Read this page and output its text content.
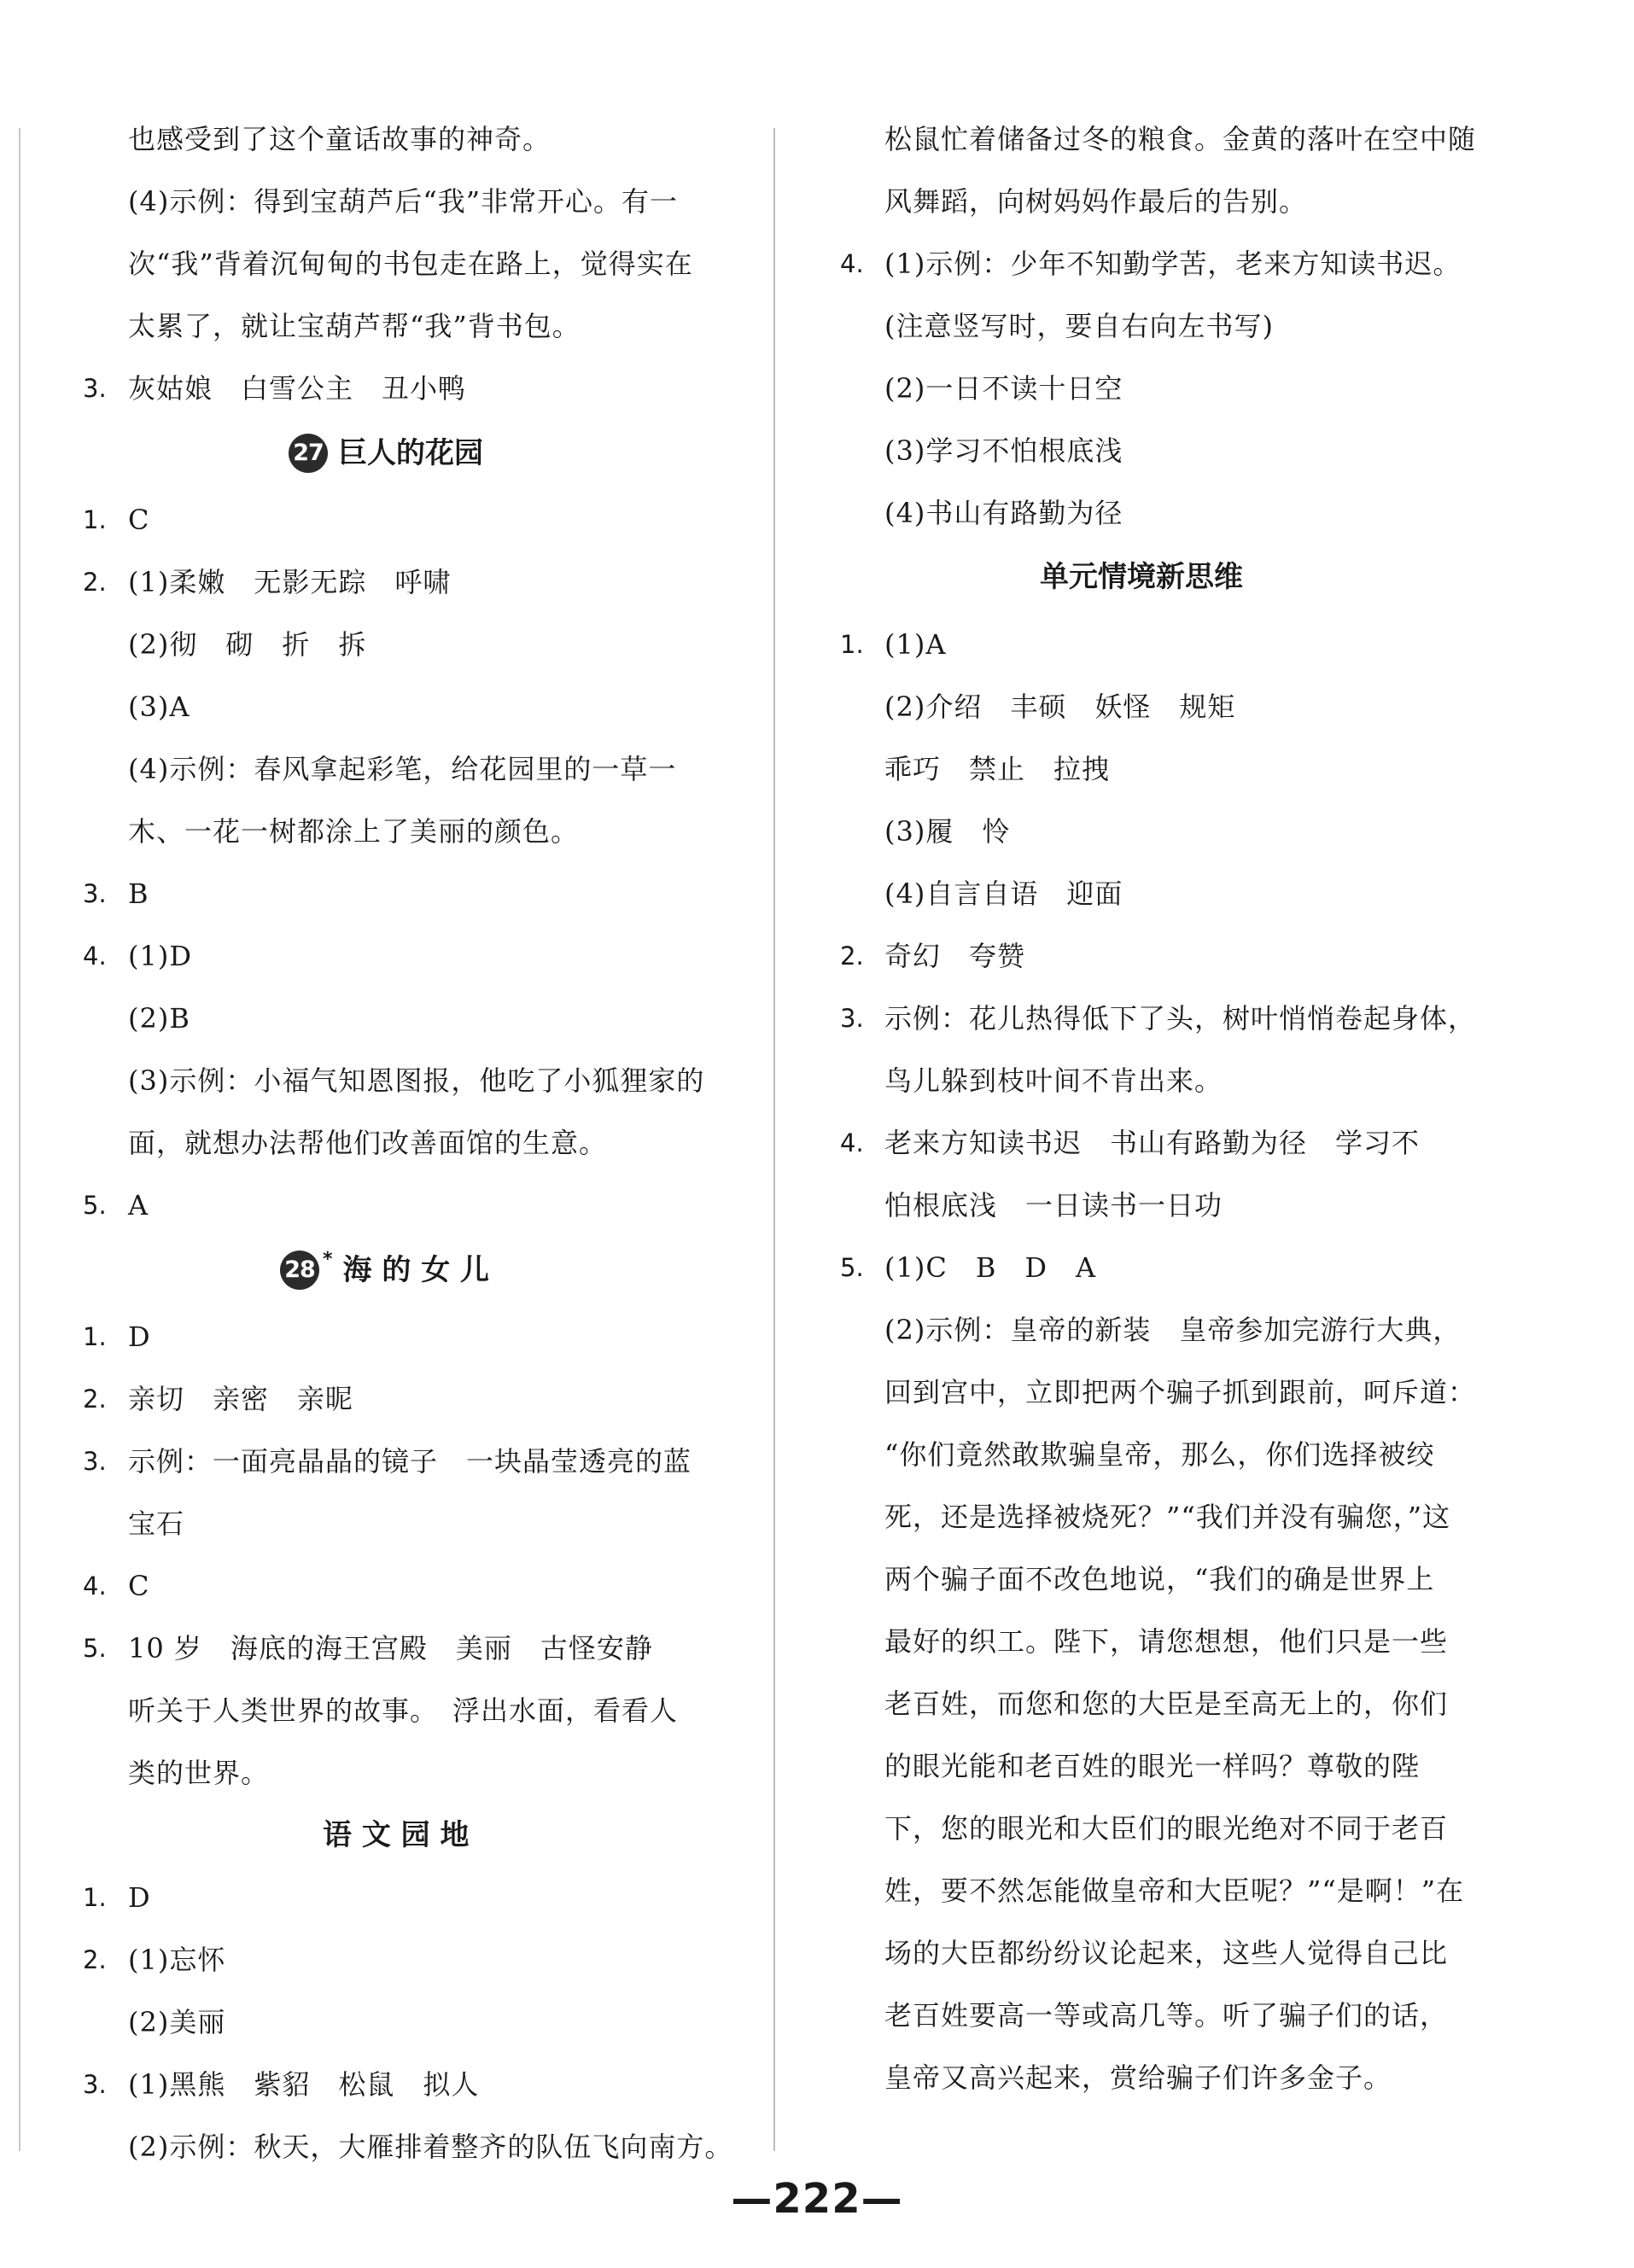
也感受到了这个童话故事的神奇。
(4)示例：得到宝葫芦后“我”非常开心。有一
次“我”背着沉甸甸的书包走在路上，觉得实在
太累了，就让宝葫芦帮“我”背书包。
3. 灰姑娘　白雪公主　丑小鸭
27 巨人的花园
1. C
2. (1)柔嫩　无影无踪　呼啸
(2)彻　砌　折　拆
(3)A
(4)示例：春风拿起彩笔，给花园里的一草一
木、一花一树都涂上了美丽的颜色。
3. B
4. (1)D
(2)B
(3)示例：小福气知恩图报，他吃了小狐狸家的
面，就想办法帮他们改善面馆的生意。
5. A
28 * 海 的 女 儿
1. D
2. 亲切　亲密　亲昵
3. 示例：一面亮晶晶的镜子　一块晶莹透亮的蓝
宝石
4. C
5. 10 岁　海底的海王宫殿　美丽　古怪安静
听关于人类世界的故事。　浮出水面，看看人
类的世界。
语 文 园 地
1. D
2. (1)忘怀
(2)美丽
3. (1)黑熊　紫貂　松鼠　拟人
(2)示例：秋天，大雁排着整齐的队伍飞向南方。
松鼠忙着储备过冬的粮食。金黄的落叶在空中随
风舞蹈，向树妈妈作最后的告别。
4. (1)示例：少年不知勤学苦，老来方知读书迟。
(注意竖写时，要自右向左书写)
(2)一日不读十日空
(3)学习不怕根底浅
(4)书山有路勤为径
单元情境新思维
1. (1)A
(2)介绍　丰硕　妖怪　规矩
乖巧　禁止　拉拽
(3)履　怜
(4)自言自语　迎面
2. 奇幻　夸赞
3. 示例：花儿热得低下了头，树叶悄悄卷起身体，
鸟儿躲到枝叶间不肯出来。
4. 老来方知读书迟　书山有路勤为径　学习不
怕根底浅　一日读书一日功
5. (1)C　B　D　A
(2)示例：皇帝的新装　皇帝参加完游行大典，
回到宫中，立即把两个骗子抓到跟前，呵斥道：
“你们竟然敢欺骗皇帝，那么，你们选择被绞
死，还是选择被烧死？”“我们并没有骗您，”这
两个骗子面不改色地说，“我们的确是世界上
最好的织工。陛下，请您想想，他们只是一些
老百姓，而您和您的大臣是至高无上的，你们
的眼光能和老百姓的眼光一样吗？尊敬的陛
下，您的眼光和大臣们的眼光绝对不同于老百
姓，要不然怎能做皇帝和大臣呢？”“是啊！”在
场的大臣都纷纷议论起来，这些人觉得自己比
老百姓要高一等或高几等。听了骗子们的话，
皇帝又高兴起来，赏给骗子们许多金子。
—222—
